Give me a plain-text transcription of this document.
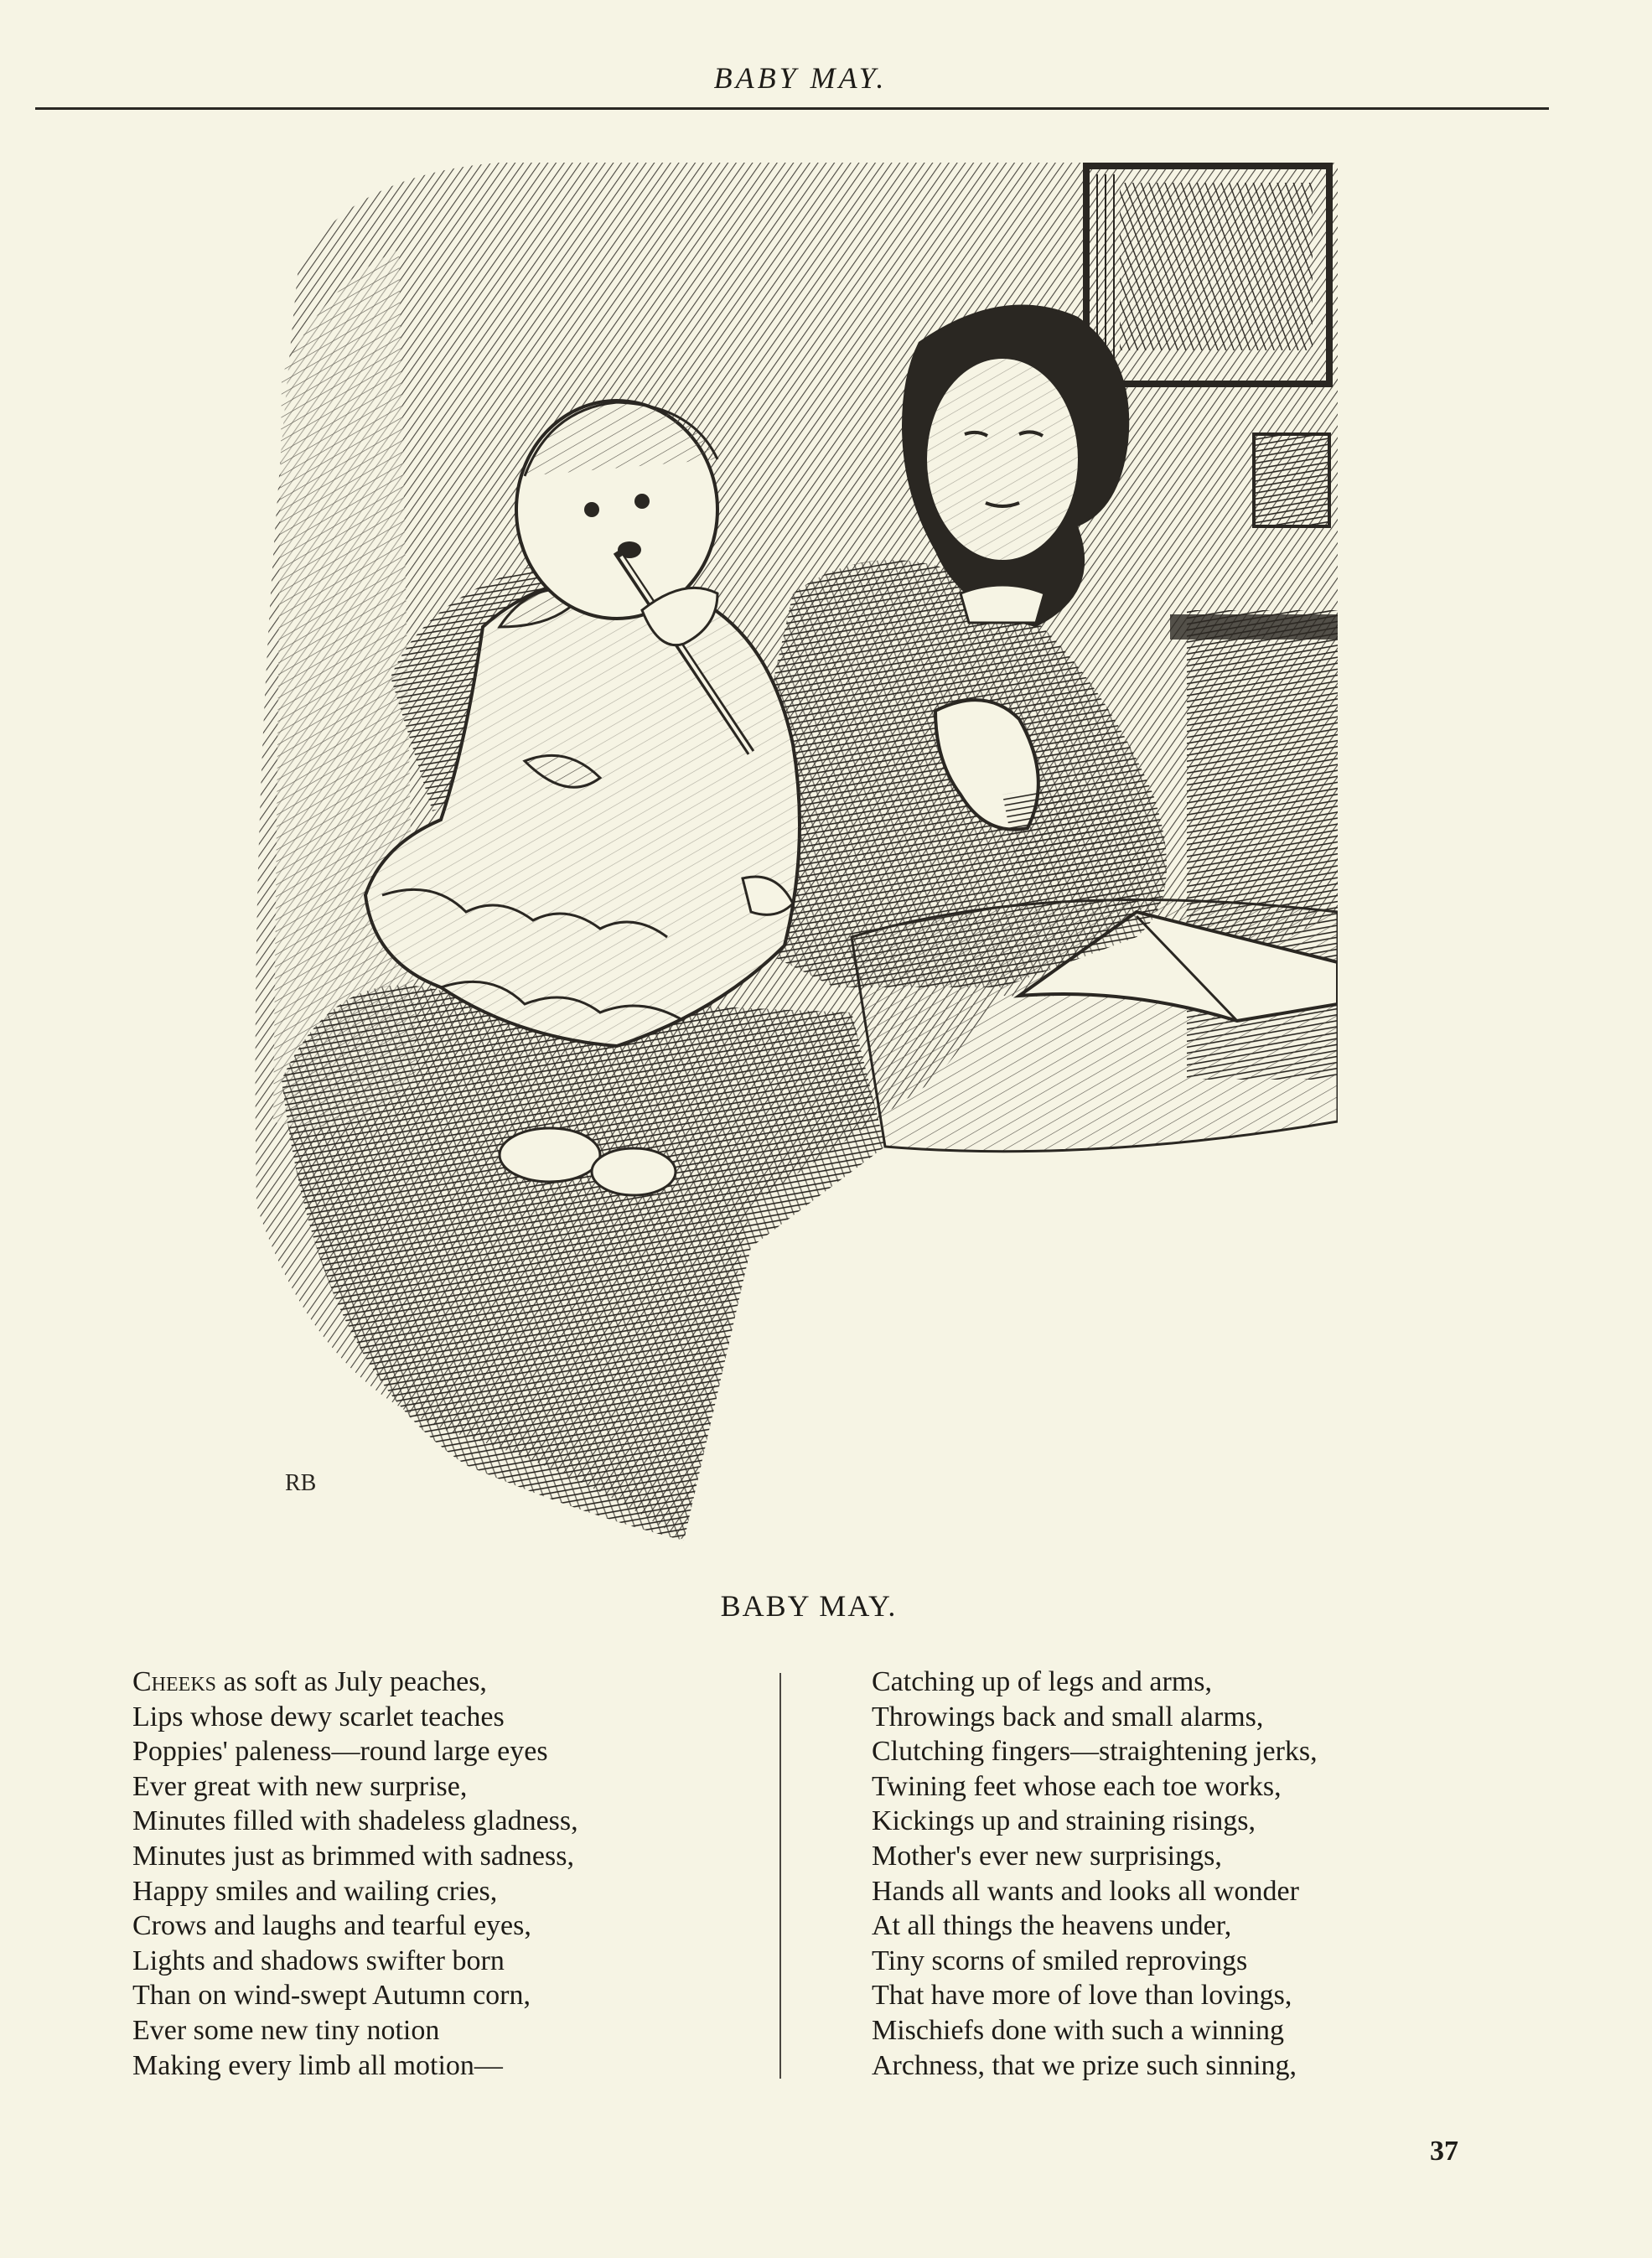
BABY MAY.
RB
BABY MAY.
Cheeks as soft as July peaches,
Lips whose dewy scarlet teaches
Poppies' paleness—round large eyes
Ever great with new surprise,
Minutes filled with shadeless gladness,
Minutes just as brimmed with sadness,
Happy smiles and wailing cries,
Crows and laughs and tearful eyes,
Lights and shadows swifter born
Than on wind-swept Autumn corn,
Ever some new tiny notion
Making every limb all motion—
Catching up of legs and arms,
Throwings back and small alarms,
Clutching fingers—straightening jerks,
Twining feet whose each toe works,
Kickings up and straining risings,
Mother's ever new surprisings,
Hands all wants and looks all wonder
At all things the heavens under,
Tiny scorns of smiled reprovings
That have more of love than lovings,
Mischiefs done with such a winning
Archness, that we prize such sinning,
37
